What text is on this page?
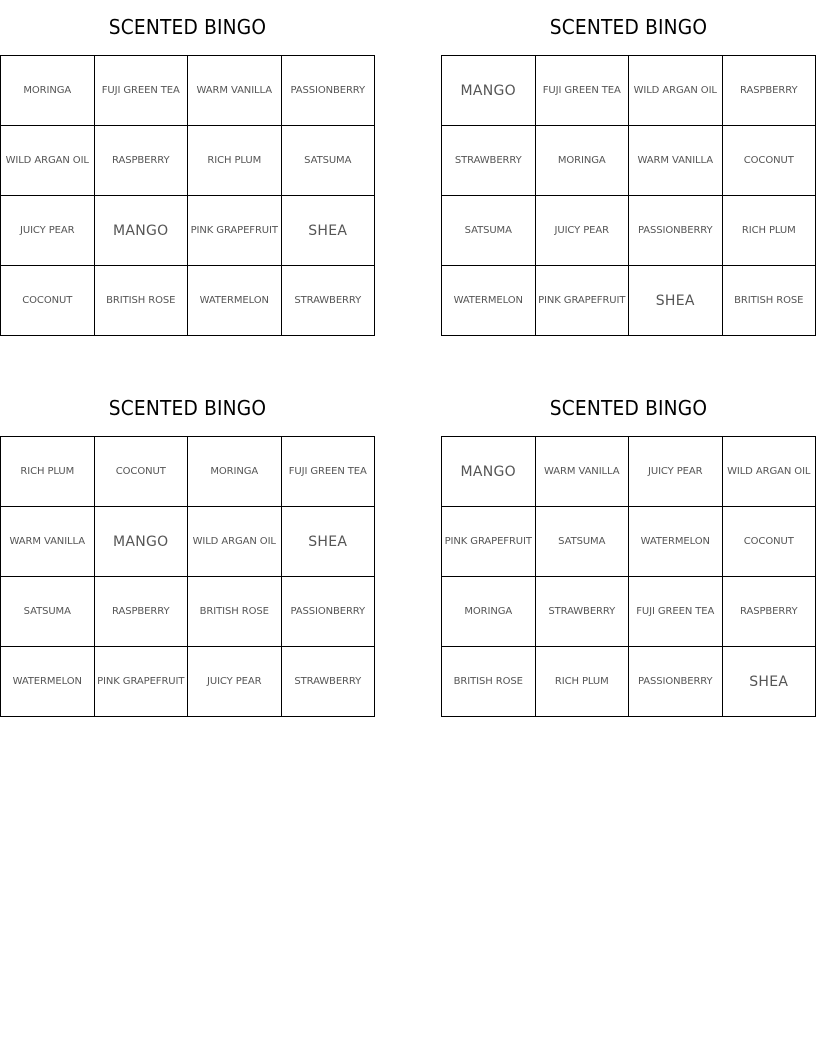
SCENTED BINGO
MORINGA	FUJI GREEN TEA	WARM VANILLA	PASSIONBERRY
WILD ARGAN OIL	RASPBERRY	RICH PLUM	SATSUMA
JUICY PEAR	MANGO	PINK GRAPEFRUIT	SHEA
COCONUT	BRITISH ROSE	WATERMELON	STRAWBERRY
SCENTED BINGO
MANGO	FUJI GREEN TEA	WILD ARGAN OIL	RASPBERRY
STRAWBERRY	MORINGA	WARM VANILLA	COCONUT
SATSUMA	JUICY PEAR	PASSIONBERRY	RICH PLUM
WATERMELON	PINK GRAPEFRUIT	SHEA	BRITISH ROSE
SCENTED BINGO
RICH PLUM	COCONUT	MORINGA	FUJI GREEN TEA
WARM VANILLA	MANGO	WILD ARGAN OIL	SHEA
SATSUMA	RASPBERRY	BRITISH ROSE	PASSIONBERRY
WATERMELON	PINK GRAPEFRUIT	JUICY PEAR	STRAWBERRY
SCENTED BINGO
MANGO	WARM VANILLA	JUICY PEAR	WILD ARGAN OIL
PINK GRAPEFRUIT	SATSUMA	WATERMELON	COCONUT
MORINGA	STRAWBERRY	FUJI GREEN TEA	RASPBERRY
BRITISH ROSE	RICH PLUM	PASSIONBERRY	SHEA
